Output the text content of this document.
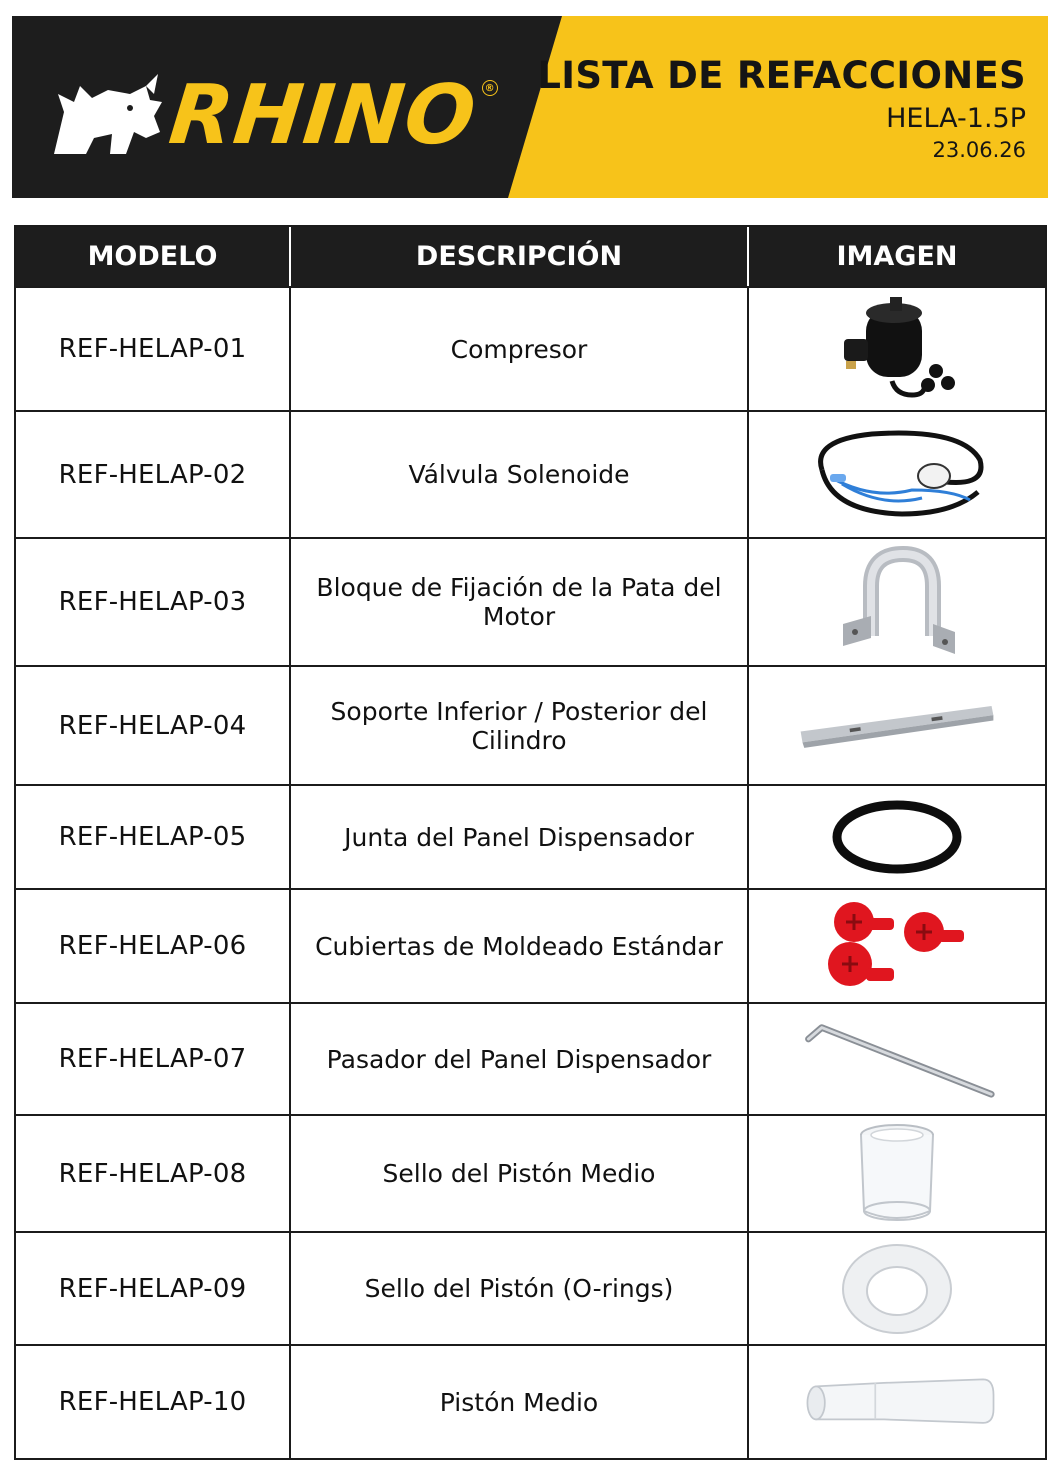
RHINO ® LISTA DE REFACCIONES
HELA-1.5P
23.06.26
MODELO	DESCRIPCIÓN	IMAGEN
REF-HELAP-01	Compresor
REF-HELAP-02	Válvula Solenoide
REF-HELAP-03	Bloque de Fijación de la Pata del Motor
REF-HELAP-04	Soporte Inferior / Posterior del Cilindro
REF-HELAP-05	Junta del Panel Dispensador
REF-HELAP-06	Cubiertas de Moldeado Estándar
REF-HELAP-07	Pasador del Panel Dispensador
REF-HELAP-08	Sello del Pistón Medio
REF-HELAP-09	Sello del Pistón (O-rings)
REF-HELAP-10	Pistón Medio
